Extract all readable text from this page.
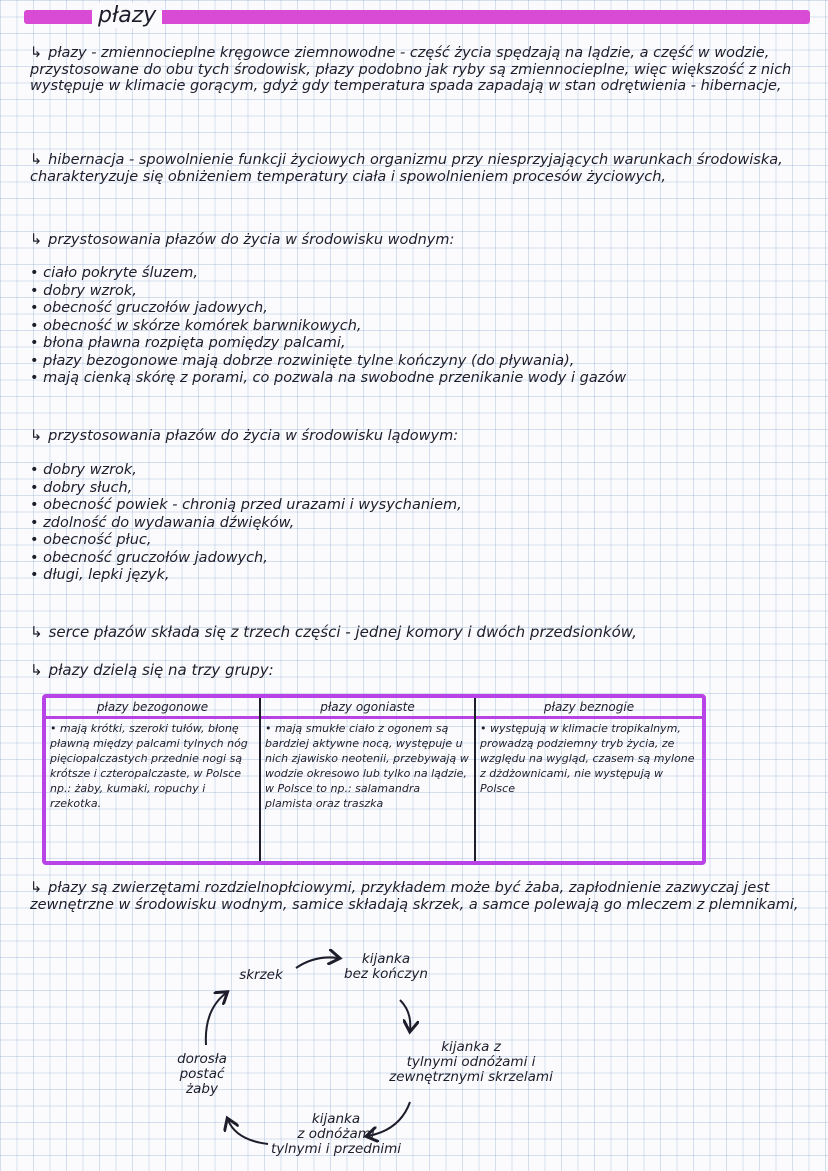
płazy
↳ płazy - zmiennocieplne kręgowce ziemnowodne - część życia spędzają na lądzie, a część w wodzie, przystosowane do obu tych środowisk, płazy podobno jak ryby są zmiennocieplne, więc większość z nich występuje w klimacie gorącym, gdyż gdy temperatura spada zapadają w stan odrętwienia - hibernacje,
↳ hibernacja - spowolnienie funkcji życiowych organizmu przy niesprzyjających warunkach środowiska, charakteryzuje się obniżeniem temperatury ciała i spowolnieniem procesów życiowych,
↳ przystosowania płazów do życia w środowisku wodnym:
• ciało pokryte śluzem,
• dobry wzrok,
• obecność gruczołów jadowych,
• obecność w skórze komórek barwnikowych,
• błona pławna rozpięta pomiędzy palcami,
• płazy bezogonowe mają dobrze rozwinięte tylne kończyny (do pływania),
• mają cienką skórę z porami, co pozwala na swobodne przenikanie wody i gazów
↳ przystosowania płazów do życia w środowisku lądowym:
• dobry wzrok,
• dobry słuch,
• obecność powiek - chronią przed urazami i wysychaniem,
• zdolność do wydawania dźwięków,
• obecność płuc,
• obecność gruczołów jadowych,
• długi, lepki język,
↳ serce płazów składa się z trzech części - jednej komory i dwóch przedsionków,
↳ płazy dzielą się na trzy grupy:
płazy bezogonowe
• mają krótki, szeroki tułów, błonę pławną między palcami tylnych nóg pięciopalczastych przednie nogi są krótsze i czteropalczaste, w Polsce np.: żaby, kumaki, ropuchy i rzekotka.
płazy ogoniaste
• mają smukłe ciało z ogonem są bardziej aktywne nocą, występuje u nich zjawisko neotenii, przebywają w wodzie okresowo lub tylko na lądzie, w Polsce to np.: salamandra plamista oraz traszka
płazy beznogie
• występują w klimacie tropikalnym, prowadzą podziemny tryb życia, ze względu na wygląd, czasem są mylone z dżdżownicami, nie występują w Polsce
↳ płazy są zwierzętami rozdzielnopłciowymi, przykładem może być żaba, zapłodnienie zazwyczaj jest zewnętrzne w środowisku wodnym, samice składają skrzek, a samce polewają go mleczem z plemnikami,
skrzek
kijanka
bez kończyn
kijanka z
tylnymi odnóżami i
zewnętrznymi skrzelami
kijanka
z odnóżami
tylnymi i przednimi
dorosła
postać
żaby
